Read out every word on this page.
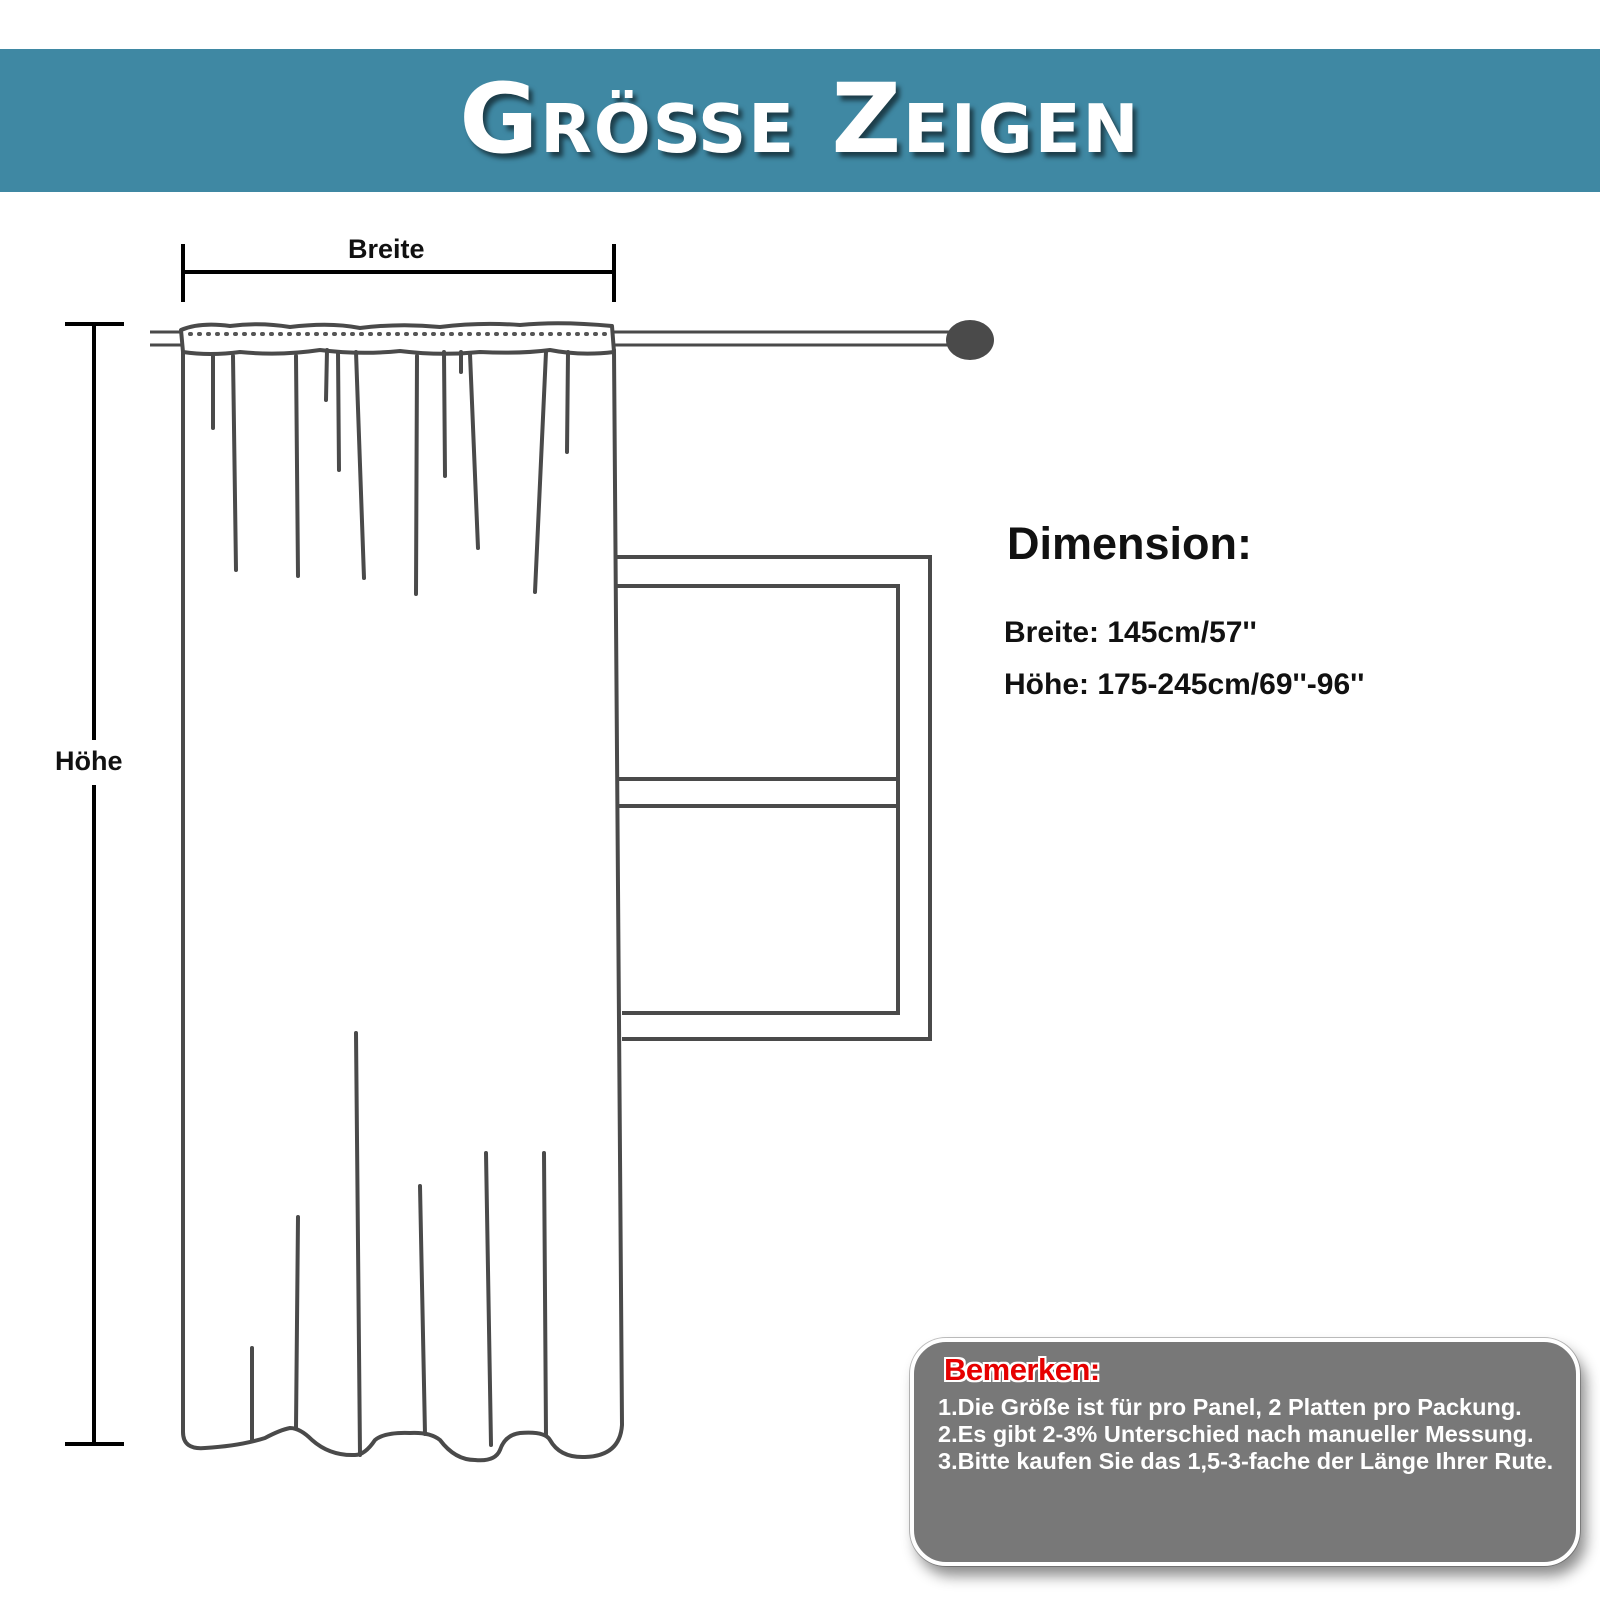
Größe Zeigen
Breite
Höhe
Dimension:
Breite: 145cm/57''
Höhe: 175-245cm/69''-96''
Bemerken:
1.Die Größe ist für pro Panel, 2 Platten pro Packung.
2.Es gibt 2-3% Unterschied nach manueller Messung.
3.Bitte kaufen Sie das 1,5-3-fache der Länge Ihrer Rute.
